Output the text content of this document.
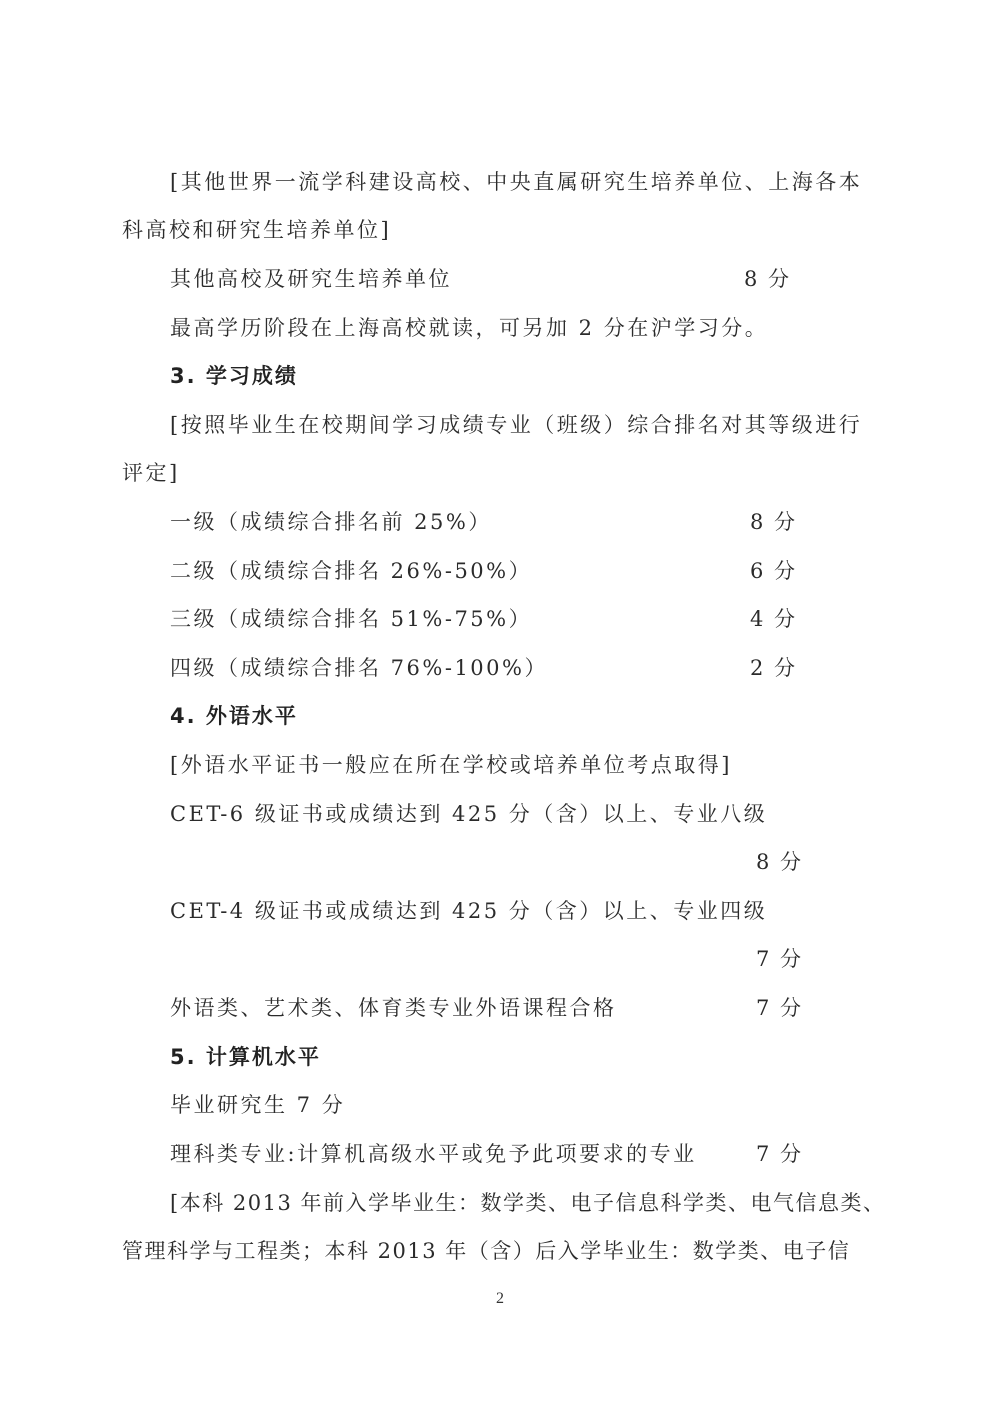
[其他世界一流学科建设高校、中央直属研究生培养单位、上海各本
科高校和研究生培养单位]
其他高校及研究生培养单位	8 分
最高学历阶段在上海高校就读，可另加 2 分在沪学习分。
3. 学习成绩
[按照毕业生在校期间学习成绩专业（班级）综合排名对其等级进行
评定]
一级（成绩综合排名前 25%）	8 分
二级（成绩综合排名 26%-50%）	6 分
三级（成绩综合排名 51%-75%）	4 分
四级（成绩综合排名 76%-100%）	2 分
4. 外语水平
[外语水平证书一般应在所在学校或培养单位考点取得]
CET-6 级证书或成绩达到 425 分（含）以上、专业八级
8 分
CET-4 级证书或成绩达到 425 分（含）以上、专业四级
7 分
外语类、艺术类、体育类专业外语课程合格	7 分
5. 计算机水平
毕业研究生 7 分
理科类专业:计算机高级水平或免予此项要求的专业	7 分
[本科 2013 年前入学毕业生：数学类、电子信息科学类、电气信息类、
管理科学与工程类；本科 2013 年（含）后入学毕业生：数学类、电子信
2
